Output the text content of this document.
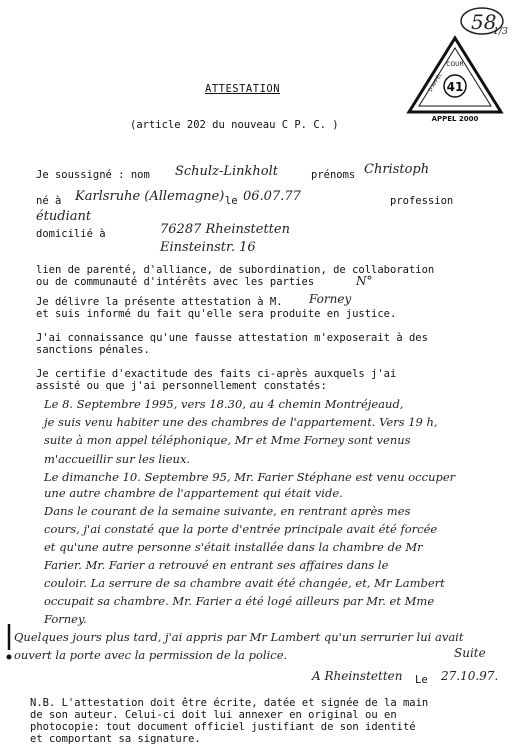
58
1/3
41
APPEL 2000
COUR
D'APPEL
ATTESTATION
(article 202 du nouveau C P. C. )
Je soussigné : nom Schulz-Linkholt	prénoms Christoph
né à Karlsruhe (Allemagne) le 06.07.77	profession
étudiant
domicilié à	76287 Rheinstetten
Einsteinstr. 16
lien de parenté, d'alliance, de subordination, de collaboration
ou de communauté d'intérêts avec les parties	N°
Je délivre la présente attestation à M. Forney
et suis informé du fait qu'elle sera produite en justice.
J'ai connaissance qu'une fausse attestation m'exposerait à des
sanctions pénales.
Je certifie d'exactitude des faits ci-après auxquels j'ai
assisté ou que j'ai personnellement constatés:
Le 8. Septembre 1995, vers 18.30, au 4 chemin Montréjeaud,
je suis venu habiter une des chambres de l'appartement. Vers 19 h,
suite à mon appel téléphonique, Mr et Mme Forney sont venus
m'accueillir sur les lieux.
Le dimanche 10. Septembre 95, Mr. Farier Stéphane est venu occuper
une autre chambre de l'appartement qui était vide.
Dans le courant de la semaine suivante, en rentrant après mes
cours, j'ai constaté que la porte d'entrée principale avait été forcée
et qu'une autre personne s'était installée dans la chambre de Mr
Farier. Mr. Farier a retrouvé en entrant ses affaires dans le
couloir. La serrure de sa chambre avait été changée, et, Mr Lambert
occupait sa chambre. Mr. Farier a été logé ailleurs par Mr. et Mme
Forney.
Quelques jours plus tard, j'ai appris par Mr Lambert qu'un serrurier lui avait
ouvert la porte avec la permission de la police.	Suite
A Rheinstetten Le 27.10.97.
N.B. L'attestation doit être écrite, datée et signée de la main
de son auteur. Celui-ci doit lui annexer en original ou en
photocopie: tout document officiel justifiant de son identité
et comportant sa signature.
